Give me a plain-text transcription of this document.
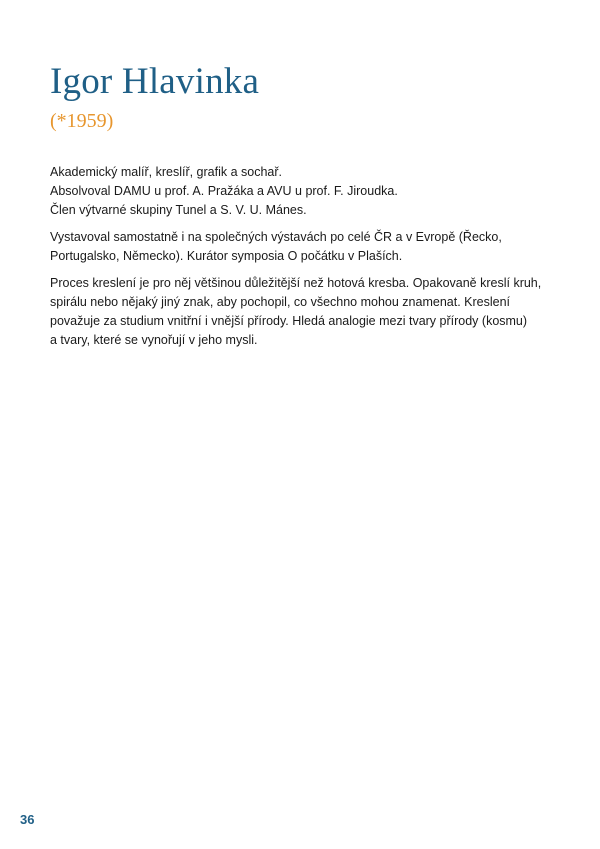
Igor Hlavinka
(*1959)

Akademický malíř, kreslíř, grafik a sochař.
Absolvoval DAMU u prof. A. Pražáka a AVU u prof. F. Jiroudka.
Člen výtvarné skupiny Tunel a S. V. U. Mánes.

Vystavoval samostatně i na společných výstavách po celé ČR a v Evropě (Řecko,
Portugalsko, Německo). Kurátor symposia O počátku v Plaších.

Proces kreslení je pro něj většinou důležitější než hotová kresba. Opakovaně kreslí kruh,
spirálu nebo nějaký jiný znak, aby pochopil, co všechno mohou znamenat. Kreslení
považuje za studium vnitřní i vnější přírody. Hledá analogie mezi tvary přírody (kosmu)
a tvary, které se vynořují v jeho mysli.

36
